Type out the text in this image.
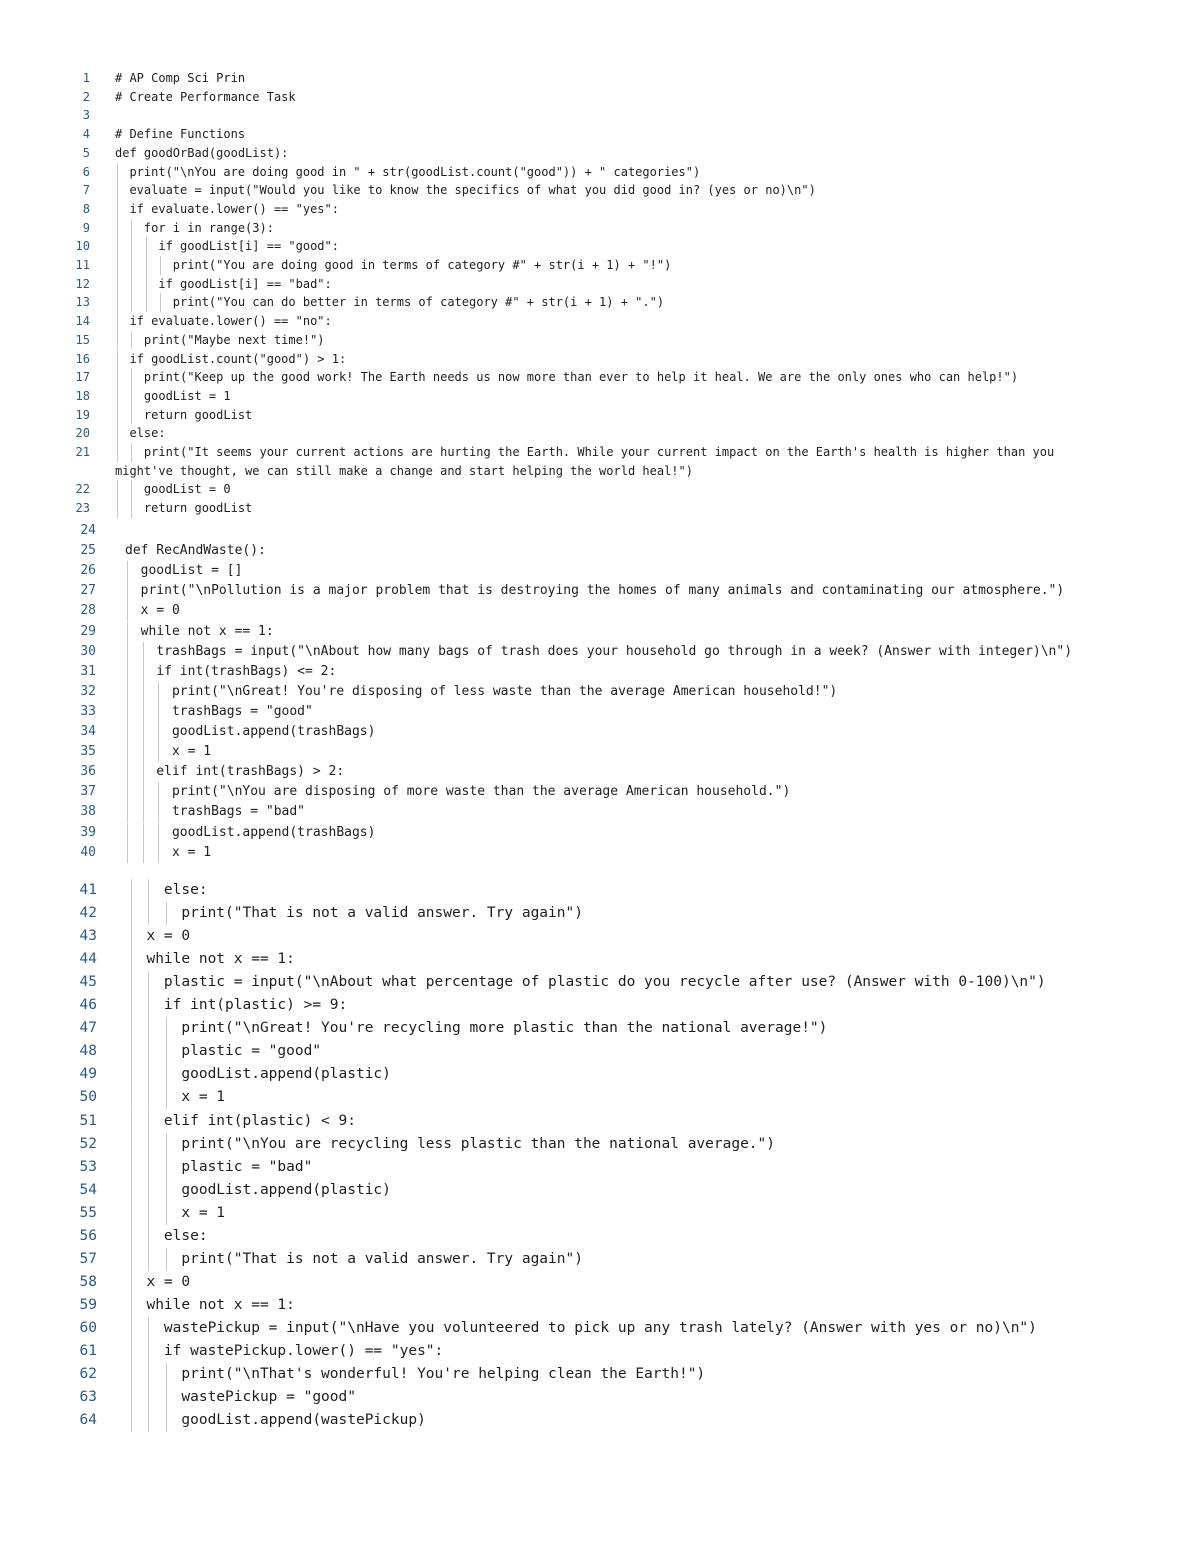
1 # AP Comp Sci Prin
2 # Create Performance Task
3
4 # Define Functions
5 def goodOrBad(goodList):
6 print("\nYou are doing good in " + str(goodList.count("good")) + " categories")
7 evaluate = input("Would you like to know the specifics of what you did good in? (yes or no)\n")
8 if evaluate.lower() == "yes":
9 for i in range(3):
10 if goodList[i] == "good":
11 print("You are doing good in terms of category #" + str(i + 1) + "!")
12 if goodList[i] == "bad":
13 print("You can do better in terms of category #" + str(i + 1) + ".")
14 if evaluate.lower() == "no":
15 print("Maybe next time!")
16 if goodList.count("good") > 1:
17 print("Keep up the good work! The Earth needs us now more than ever to help it heal. We are the only ones who can help!")
18 goodList = 1
19 return goodList
20 else:
21 print("It seems your current actions are hurting the Earth. While your current impact on the Earth's health is higher than you
might've thought, we can still make a change and start helping the world heal!")
22 goodList = 0
23 return goodList
24
25 def RecAndWaste():
26 goodList = []
27 print("\nPollution is a major problem that is destroying the homes of many animals and contaminating our atmosphere.")
28 x = 0
29 while not x == 1:
30 trashBags = input("\nAbout how many bags of trash does your household go through in a week? (Answer with integer)\n")
31 if int(trashBags) <= 2:
32 print("\nGreat! You're disposing of less waste than the average American household!")
33 trashBags = "good"
34 goodList.append(trashBags)
35 x = 1
36 elif int(trashBags) > 2:
37 print("\nYou are disposing of more waste than the average American household.")
38 trashBags = "bad"
39 goodList.append(trashBags)
40 x = 1
41 else:
42 print("That is not a valid answer. Try again")
43 x = 0
44 while not x == 1:
45 plastic = input("\nAbout what percentage of plastic do you recycle after use? (Answer with 0-100)\n")
46 if int(plastic) >= 9:
47 print("\nGreat! You're recycling more plastic than the national average!")
48 plastic = "good"
49 goodList.append(plastic)
50 x = 1
51 elif int(plastic) < 9:
52 print("\nYou are recycling less plastic than the national average.")
53 plastic = "bad"
54 goodList.append(plastic)
55 x = 1
56 else:
57 print("That is not a valid answer. Try again")
58 x = 0
59 while not x == 1:
60 wastePickup = input("\nHave you volunteered to pick up any trash lately? (Answer with yes or no)\n")
61 if wastePickup.lower() == "yes":
62 print("\nThat's wonderful! You're helping clean the Earth!")
63 wastePickup = "good"
64 goodList.append(wastePickup)
